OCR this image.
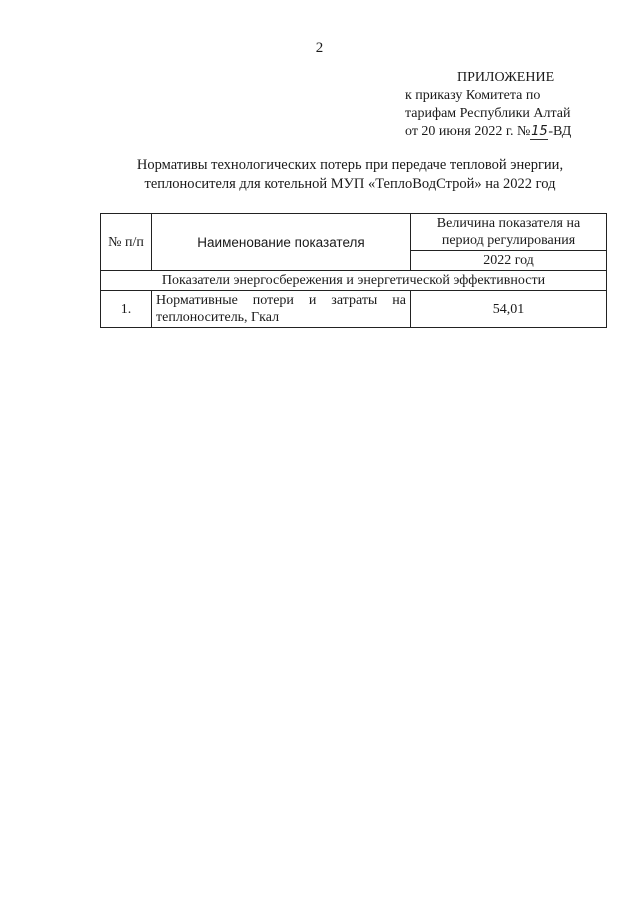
2
ПРИЛОЖЕНИЕ
к приказу Комитета по
тарифам Республики Алтай
от 20 июня 2022 г. №15-ВД
Нормативы технологических потерь при передаче тепловой энергии,
теплоносителя для котельной МУП «ТеплоВодСтрой» на 2022 год
№ п/п	Наименование показателя	Величина показателя на период регулирования
		2022 год
Показатели энергосбережения и энергетической эффективности		
1.	Нормативные потери и затраты на теплоноситель, Гкал	54,01
